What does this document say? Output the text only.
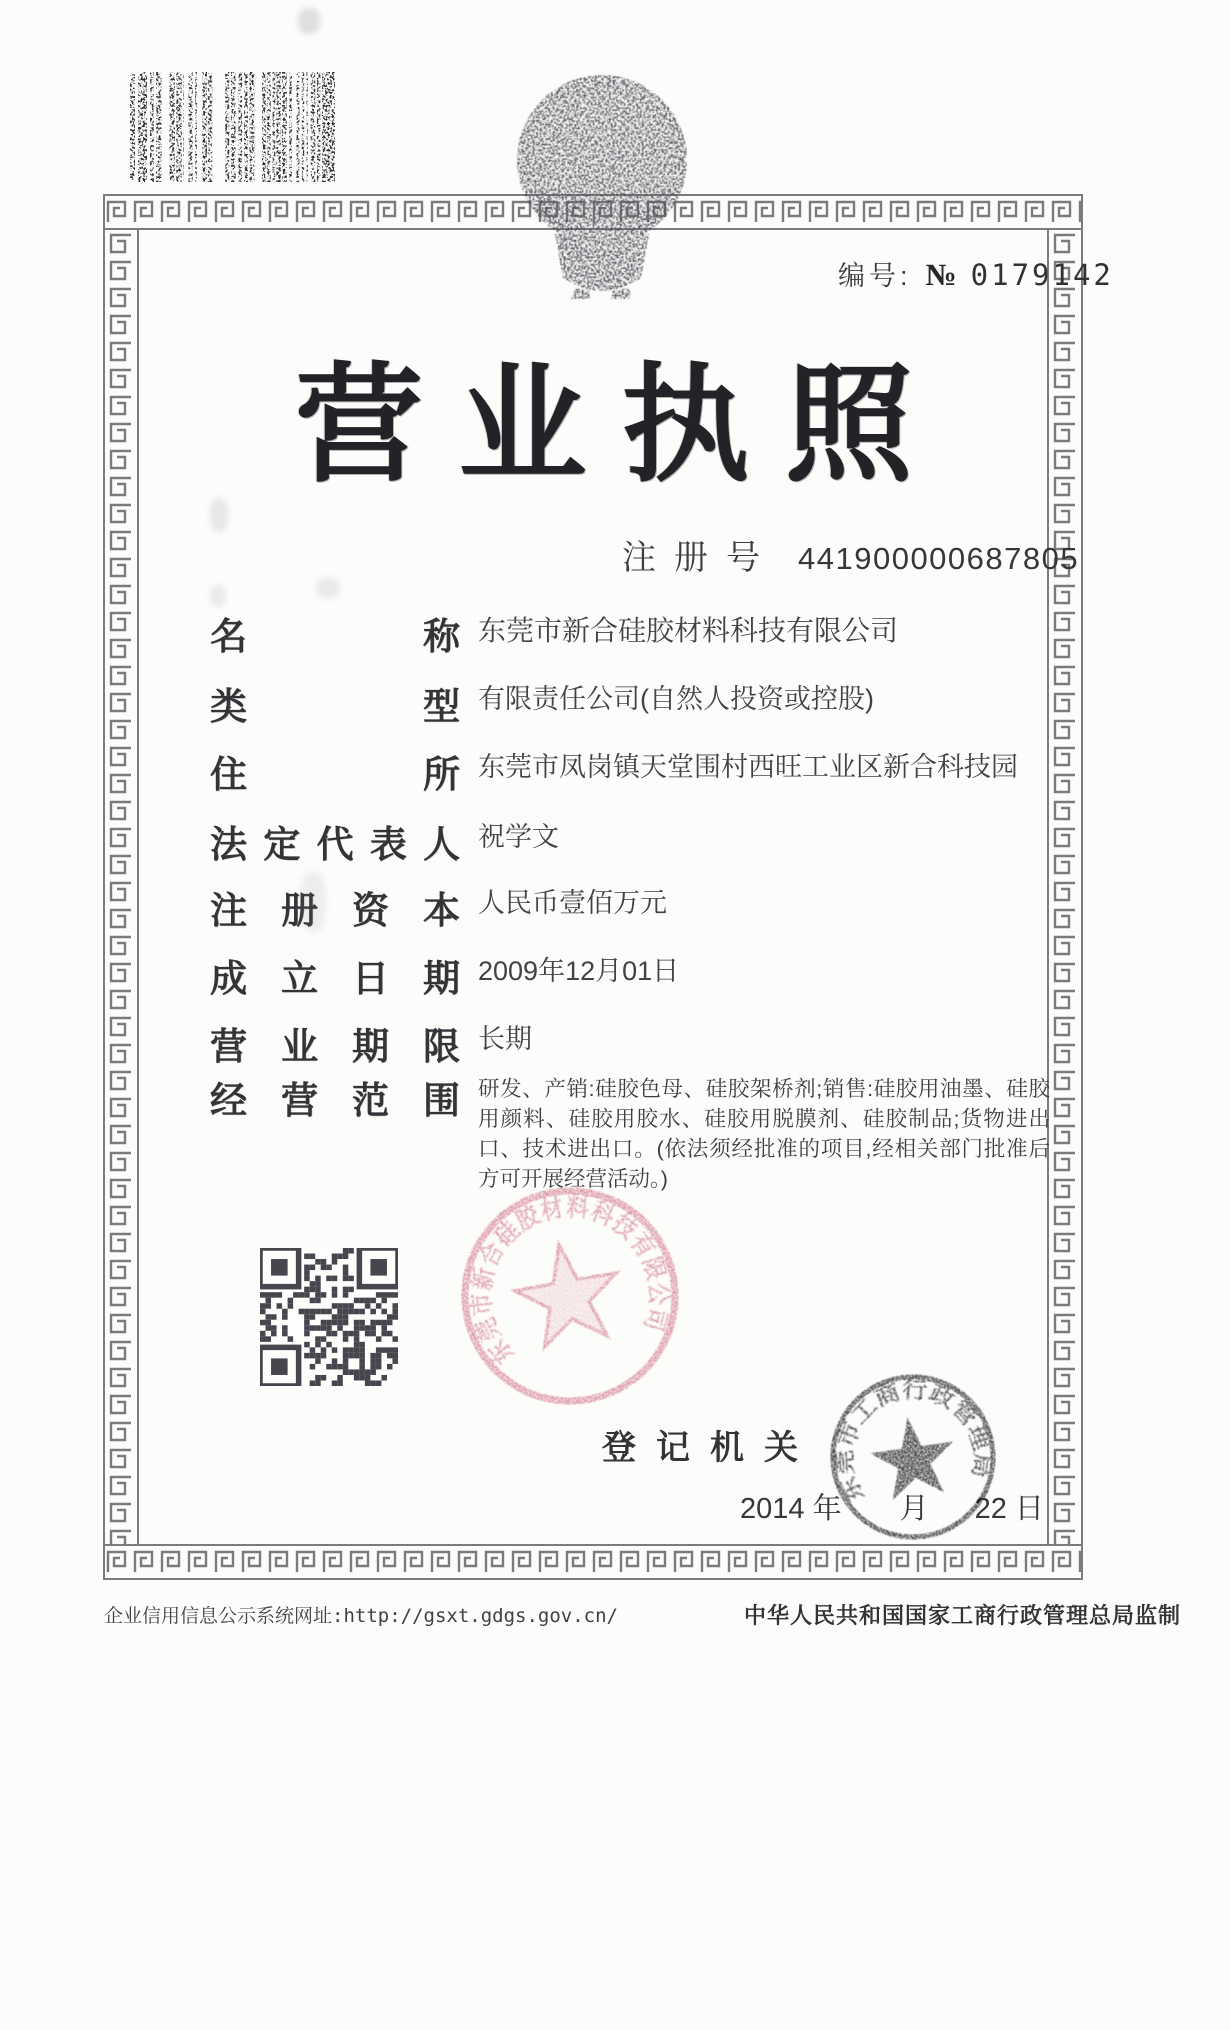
编号: № 0179142
营 业 执 照
注 册 号 441900000687805
名	称 东莞市新合硅胶材料科技有限公司
类	型 有限责任公司(自然人投资或控股)
住	所 东莞市凤岗镇天堂围村西旺工业区新合科技园
法 定 代 表 人 祝学文
注 册 资 本 人民币壹佰万元
成 立 日 期 2009年12月01日
营 业 期 限 长期
经 营 范 围 研发、产销:硅胶色母、硅胶架桥剂;销售:硅胶用油墨、硅胶用颜料、硅胶用胶水、硅胶用脱膜剂、硅胶制品;货物进出口、技术进出口。(依法须经批准的项目,经相关部门批准后方可开展经营活动。)
东莞市新合硅胶材料科技有限公司
登 记 机 关
2014 年 月 22 日
东莞市工商行政管理局
企业信用信息公示系统网址:http://gsxt.gdgs.gov.cn/	中华人民共和国国家工商行政管理总局监制
